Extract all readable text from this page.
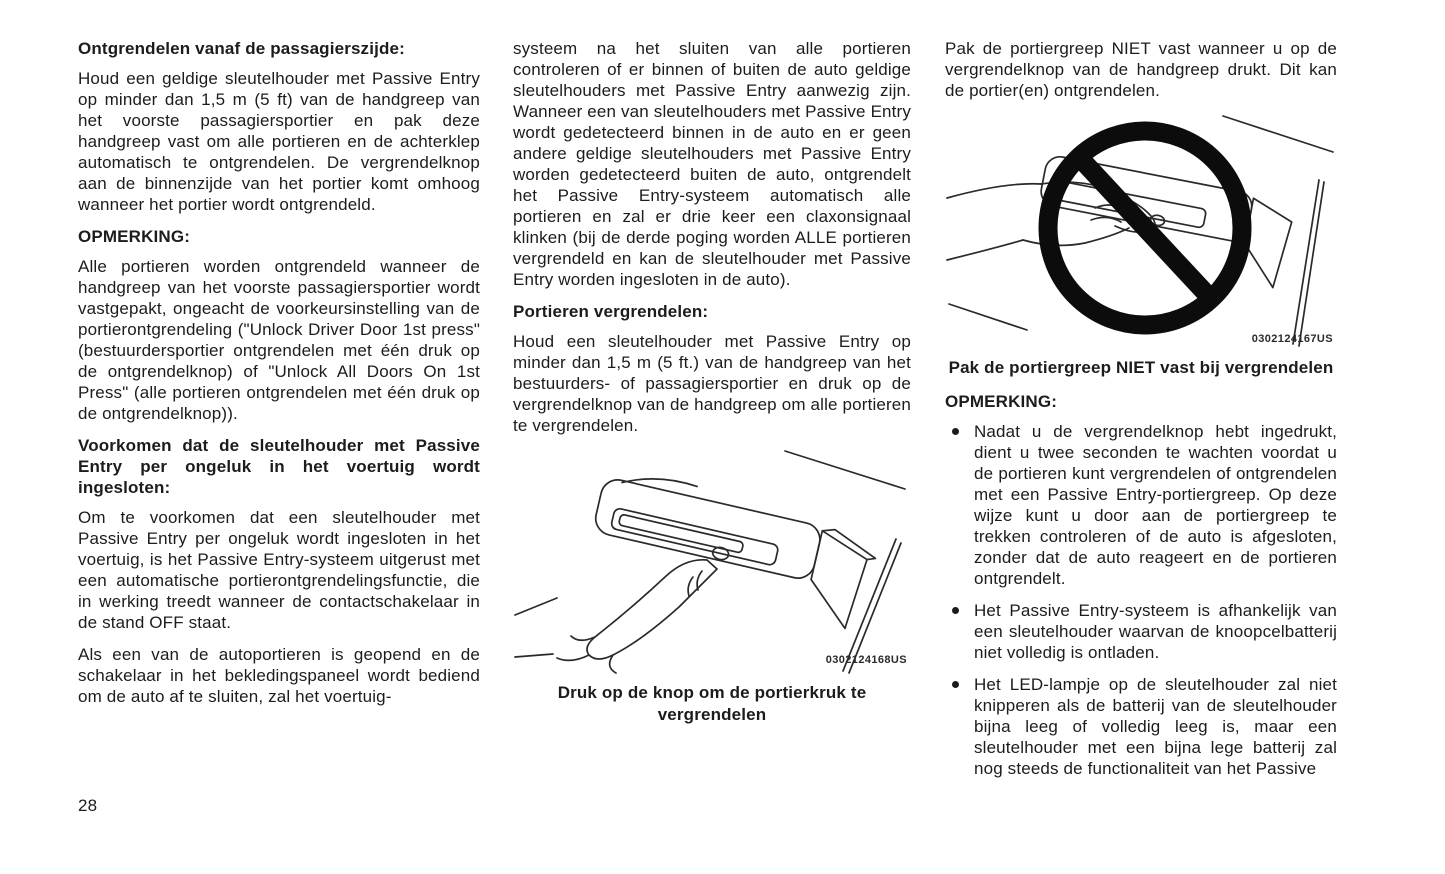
Ontgrendelen vanaf de passagierszijde:

Houd een geldige sleutelhouder met Passive Entry op minder dan 1,5 m (5 ft) van de handgreep van het voorste passagiersportier en pak deze handgreep vast om alle portieren en de achterklep automatisch te ontgrendelen. De vergrendelknop aan de binnenzijde van het portier komt omhoog wanneer het portier wordt ontgrendeld.

OPMERKING:

Alle portieren worden ontgrendeld wanneer de handgreep van het voorste passagiersportier wordt vastgepakt, ongeacht de voorkeursinstelling van de portierontgrendeling ("Unlock Driver Door 1st press" (bestuurdersportier ontgrendelen met één druk op de ontgrendelknop) of "Unlock All Doors On 1st Press" (alle portieren ontgrendelen met één druk op de ontgrendelknop)).

Voorkomen dat de sleutelhouder met Passive Entry per ongeluk in het voertuig wordt ingesloten:

Om te voorkomen dat een sleutelhouder met Passive Entry per ongeluk wordt ingesloten in het voertuig, is het Passive Entry-systeem uitgerust met een automatische portierontgrendelingsfunctie, die in werking treedt wanneer de contactschakelaar in de stand OFF staat.

Als een van de autoportieren is geopend en de schakelaar in het bekledingspaneel wordt bediend om de auto af te sluiten, zal het voertuig-

systeem na het sluiten van alle portieren controleren of er binnen of buiten de auto geldige sleutelhouders met Passive Entry aanwezig zijn. Wanneer een van sleutelhouders met Passive Entry wordt gedetecteerd binnen in de auto en er geen andere geldige sleutelhouders met Passive Entry worden gedetecteerd buiten de auto, ontgrendelt het Passive Entry-systeem automatisch alle portieren en zal er drie keer een claxonsignaal klinken (bij de derde poging worden ALLE portieren vergrendeld en kan de sleutelhouder met Passive Entry worden ingesloten in de auto).

Portieren vergrendelen:

Houd een sleutelhouder met Passive Entry op minder dan 1,5 m (5 ft.) van de handgreep van het bestuurders- of passagiersportier en druk op de vergrendelknop van de handgreep om alle portieren te vergrendelen.

0302124168US
Druk op de knop om de portierkruk te vergrendelen

Pak de portiergreep NIET vast wanneer u op de vergrendelknop van de handgreep drukt. Dit kan de portier(en) ontgrendelen.

0302124167US
Pak de portiergreep NIET vast bij vergrendelen
OPMERKING:

Nadat u de vergrendelknop hebt ingedrukt, dient u twee seconden te wachten voordat u de portieren kunt vergrendelen of ontgrendelen met een Passive Entry-portiergreep. Op deze wijze kunt u door aan de portiergreep te trekken controleren of de auto is afgesloten, zonder dat de auto reageert en de portieren ontgrendelt.

Het Passive Entry-systeem is afhankelijk van een sleutelhouder waarvan de knoopcelbatterij niet volledig is ontladen.

Het LED-lampje op de sleutelhouder zal niet knipperen als de batterij van de sleutelhouder bijna leeg of volledig leeg is, maar een sleutelhouder met een bijna lege batterij zal nog steeds de functionaliteit van het Passive

28
